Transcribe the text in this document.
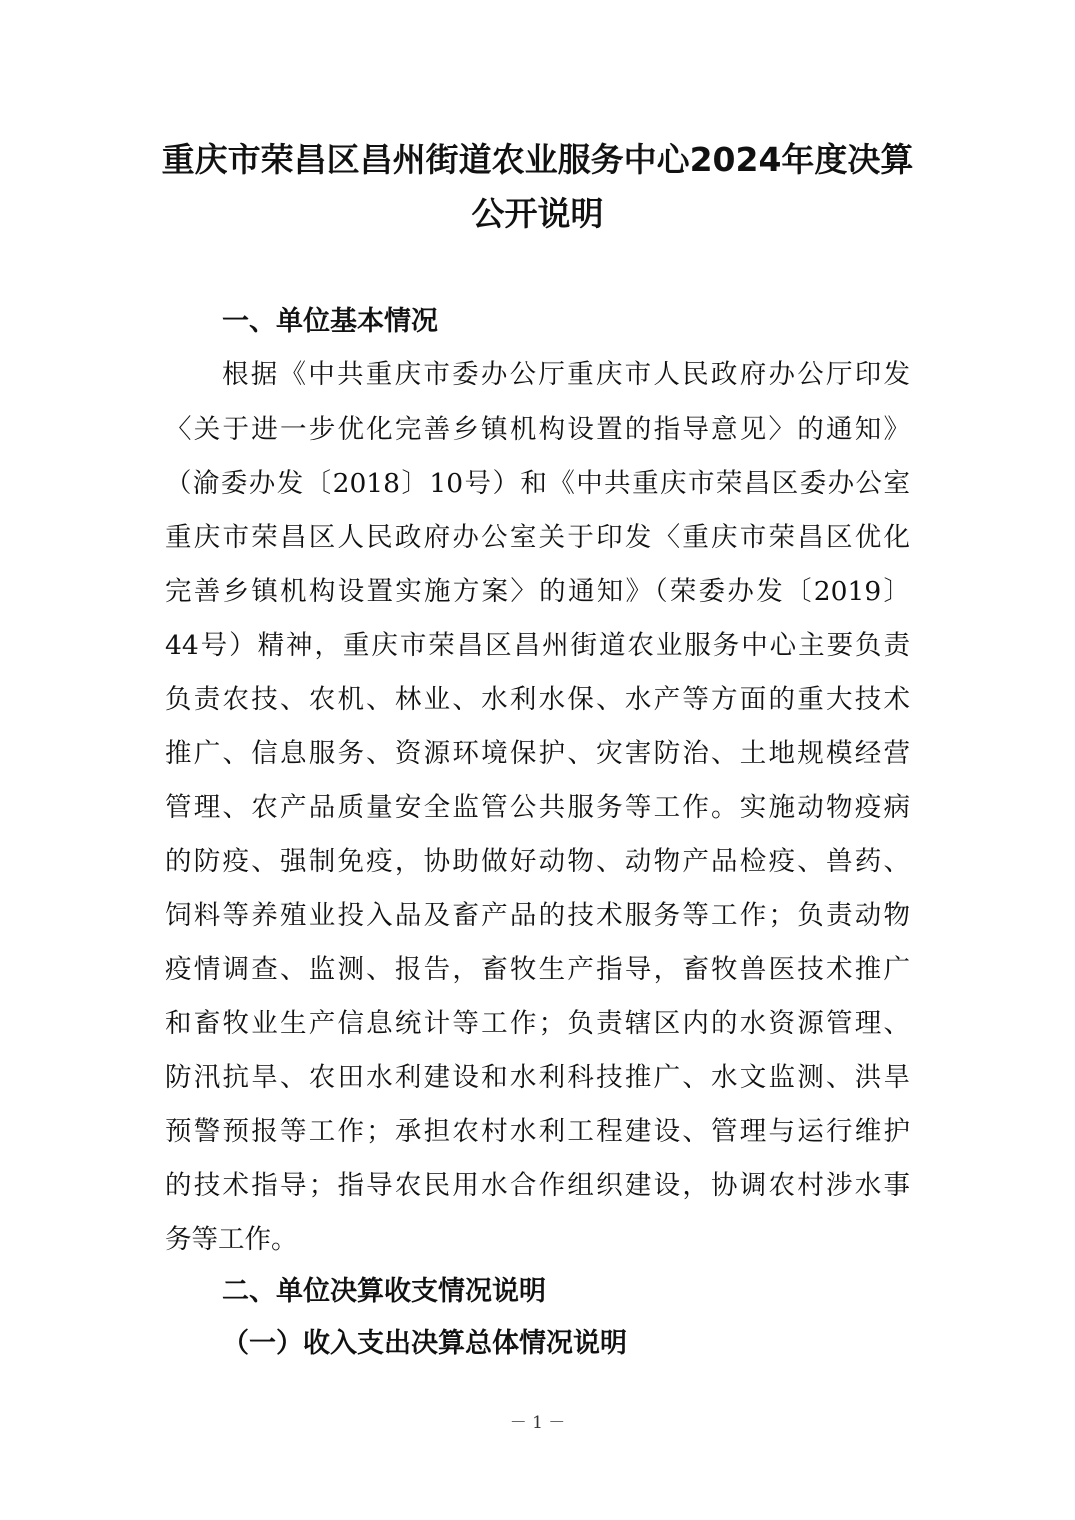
重庆市荣昌区昌州街道农业服务中心2024年度决算
公开说明
一、单位基本情况
根据《中共重庆市委办公厅重庆市人民政府办公厅印发
〈关于进一步优化完善乡镇机构设置的指导意见〉的通知》
（渝委办发〔2018〕10号）和《中共重庆市荣昌区委办公室
重庆市荣昌区人民政府办公室关于印发〈重庆市荣昌区优化
完善乡镇机构设置实施方案〉的通知》（荣委办发〔2019〕
44号）精神，重庆市荣昌区昌州街道农业服务中心主要负责
负责农技、农机、林业、水利水保、水产等方面的重大技术
推广、信息服务、资源环境保护、灾害防治、土地规模经营
管理、农产品质量安全监管公共服务等工作。实施动物疫病
的防疫、强制免疫，协助做好动物、动物产品检疫、兽药、
饲料等养殖业投入品及畜产品的技术服务等工作；负责动物
疫情调查、监测、报告，畜牧生产指导，畜牧兽医技术推广
和畜牧业生产信息统计等工作；负责辖区内的水资源管理、
防汛抗旱、农田水利建设和水利科技推广、水文监测、洪旱
预警预报等工作；承担农村水利工程建设、管理与运行维护
的技术指导；指导农民用水合作组织建设，协调农村涉水事
务等工作。
二、单位决算收支情况说明
（一）收入支出决算总体情况说明
－ 1 －
